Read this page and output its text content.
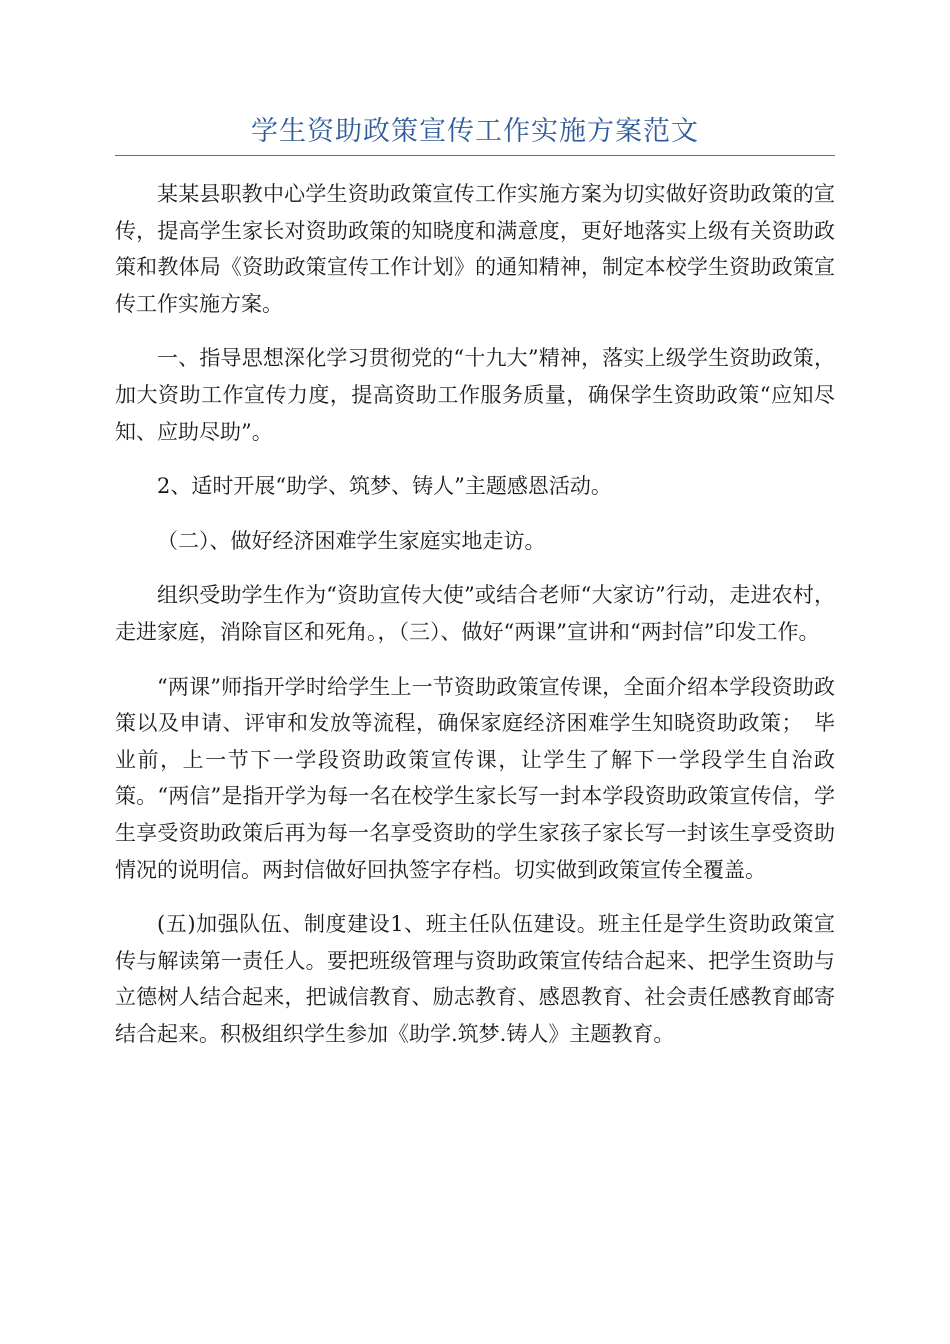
学生资助政策宣传工作实施方案范文

某某县职教中心学生资助政策宣传工作实施方案为切实做好资助政策的宣传，提高学生家长对资助政策的知晓度和满意度，更好地落实上级有关资助政策和教体局《资助政策宣传工作计划》的通知精神，制定本校学生资助政策宣传工作实施方案。

一、指导思想深化学习贯彻党的“十九大”精神，落实上级学生资助政策，加大资助工作宣传力度，提高资助工作服务质量，确保学生资助政策“应知尽知、应助尽助”。

2、适时开展“助学、筑梦、铸人”主题感恩活动。

（二）、做好经济困难学生家庭实地走访。

组织受助学生作为“资助宣传大使”或结合老师“大家访”行动，走进农村，走进家庭，消除盲区和死角。，（三）、做好“两课”宣讲和“两封信”印发工作。

“两课”师指开学时给学生上一节资助政策宣传课，全面介绍本学段资助政策以及申请、评审和发放等流程，确保家庭经济困难学生知晓资助政策；　毕业前，上一节下一学段资助政策宣传课，让学生了解下一学段学生自治政策。“两信”是指开学为每一名在校学生家长写一封本学段资助政策宣传信，学生享受资助政策后再为每一名享受资助的学生家孩子家长写一封该生享受资助情况的说明信。两封信做好回执签字存档。切实做到政策宣传全覆盖。

(五)加强队伍、制度建设1、班主任队伍建设。班主任是学生资助政策宣传与解读第一责任人。要把班级管理与资助政策宣传结合起来、把学生资助与立德树人结合起来，把诚信教育、励志教育、感恩教育、社会责任感教育邮寄结合起来。积极组织学生参加《助学.筑梦.铸人》主题教育。
